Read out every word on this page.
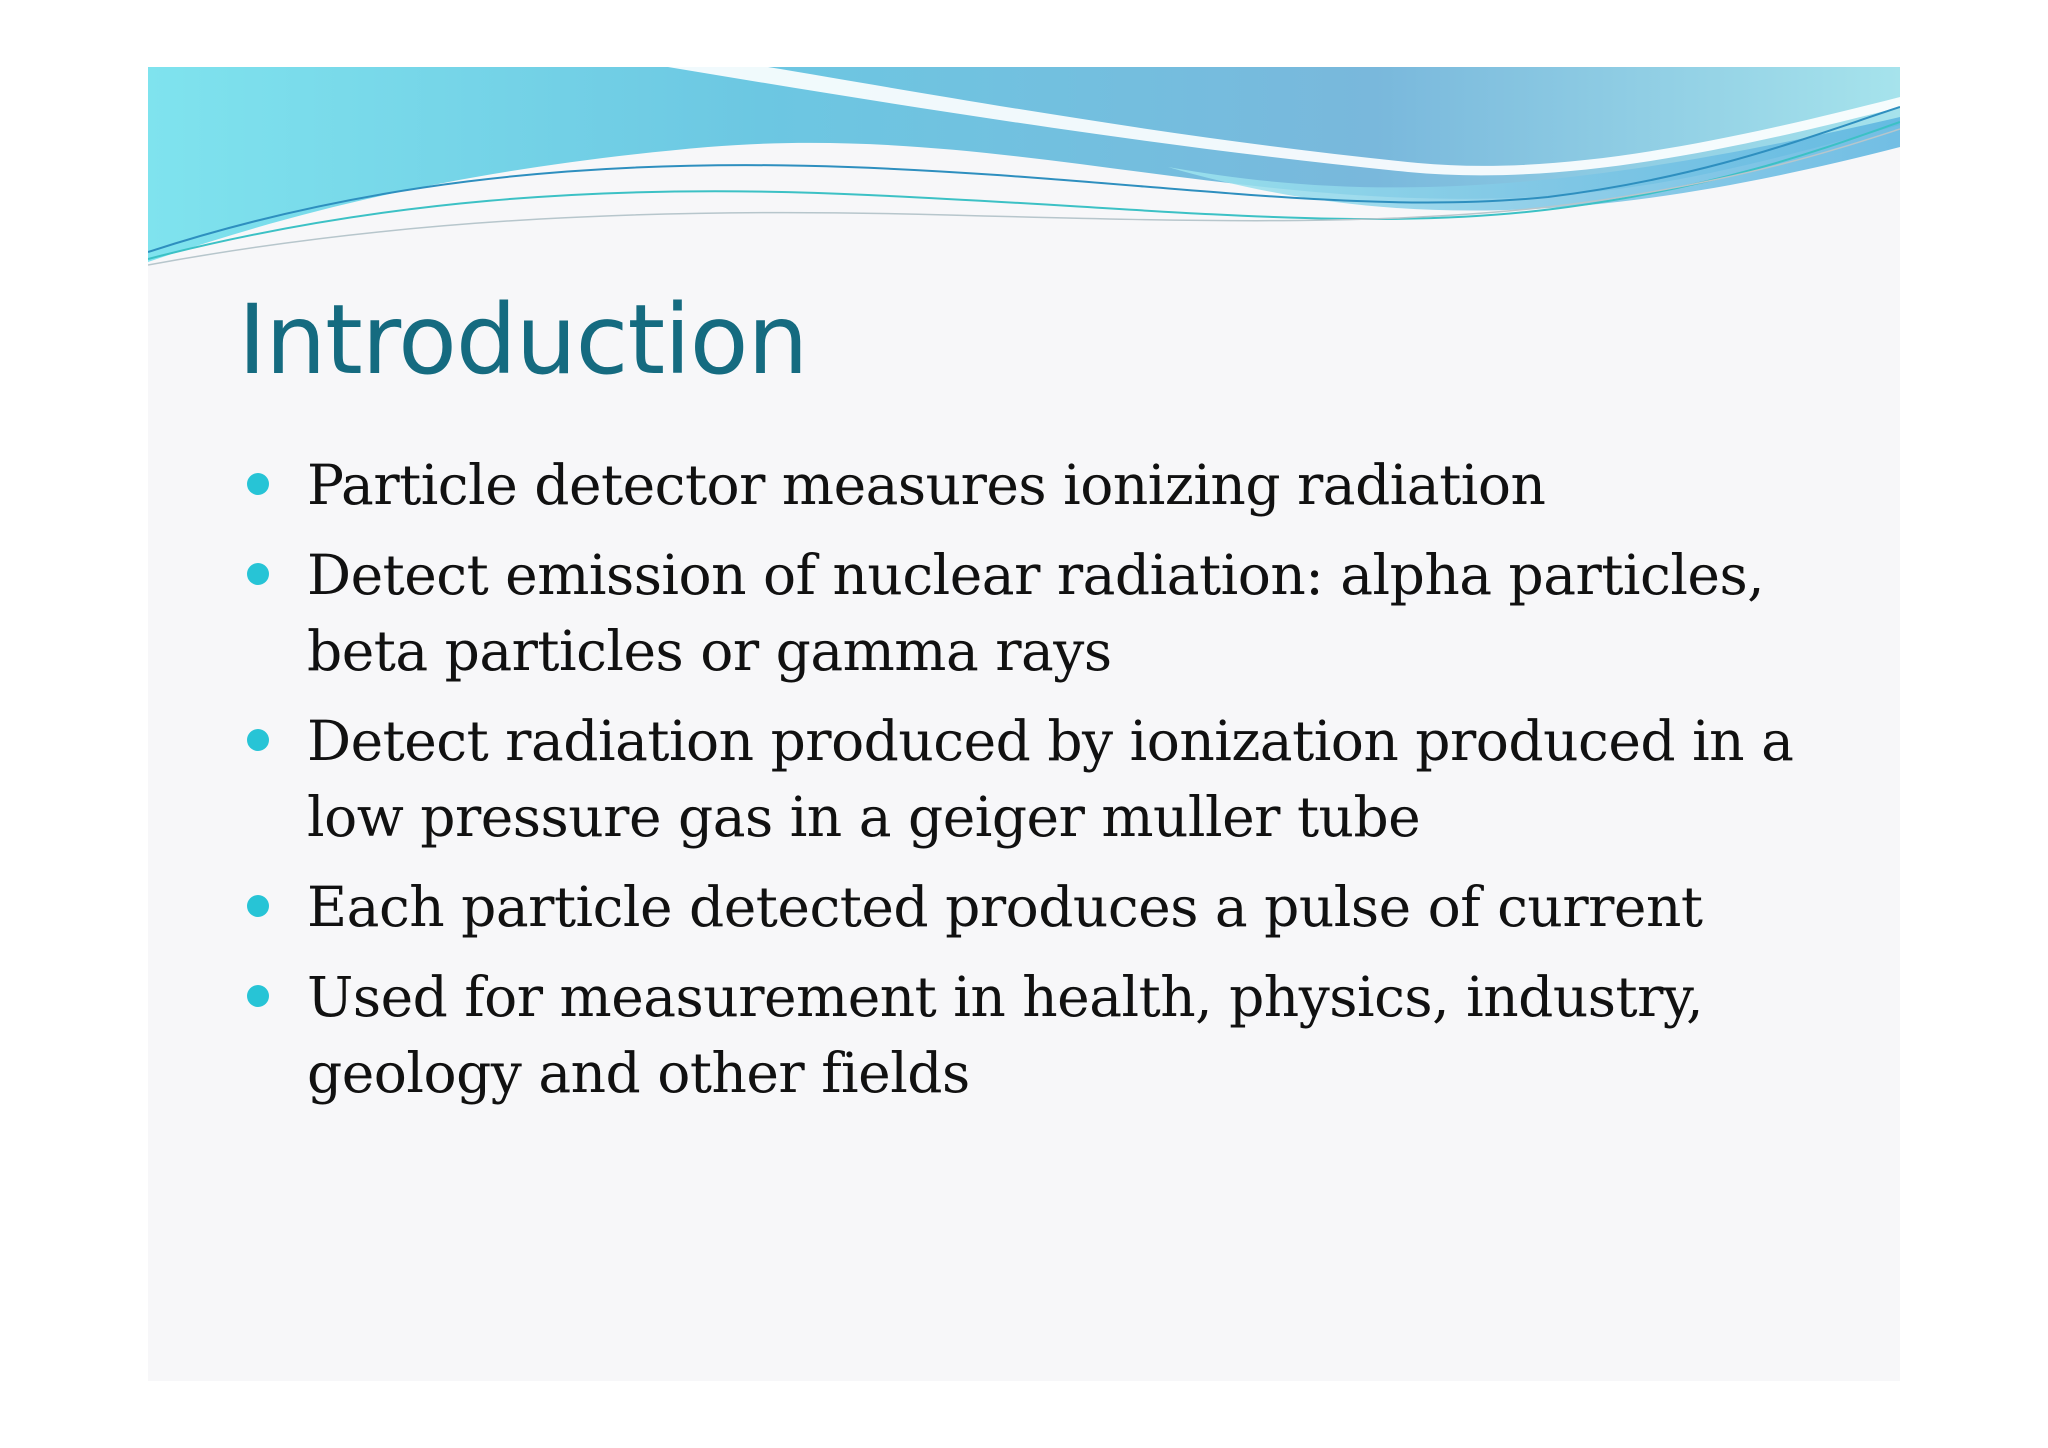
Introduction
Particle detector measures ionizing radiation
Detect emission of nuclear radiation: alpha particles, beta particles or gamma rays
Detect radiation produced by ionization produced in a low pressure gas in a geiger muller tube
Each particle detected produces a pulse of current
Used for measurement in health, physics, industry, geology and other fields
